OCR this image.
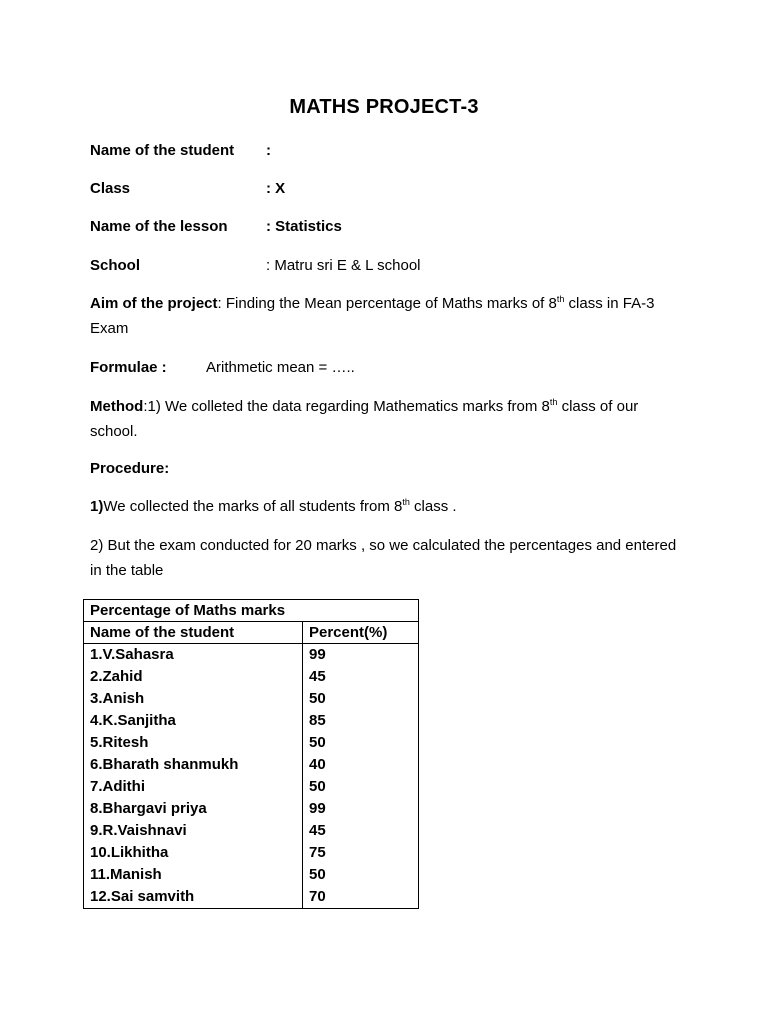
MATHS PROJECT-3
Name of the student :
Class	: X
Name of the lesson	: Statistics
School	: Matru sri E & L school
Aim of the project: Finding the Mean percentage of Maths marks of 8th class in FA-3 Exam
Formulae :	Arithmetic mean = …..
Method:1) We colleted the data regarding Mathematics marks from 8th class of our school.
Procedure:
1)We collected the marks of all students from 8th class .
2) But the exam conducted for 20 marks , so we calculated the percentages and entered in the table
Percentage of Maths marks	
Name of the student	Percent(%)
1.V.Sahasra	99
2.Zahid	45
3.Anish	50
4.K.Sanjitha	85
5.Ritesh	50
6.Bharath shanmukh	40
7.Adithi	50
8.Bhargavi priya	99
9.R.Vaishnavi	45
10.Likhitha	75
11.Manish	50
12.Sai samvith	70
